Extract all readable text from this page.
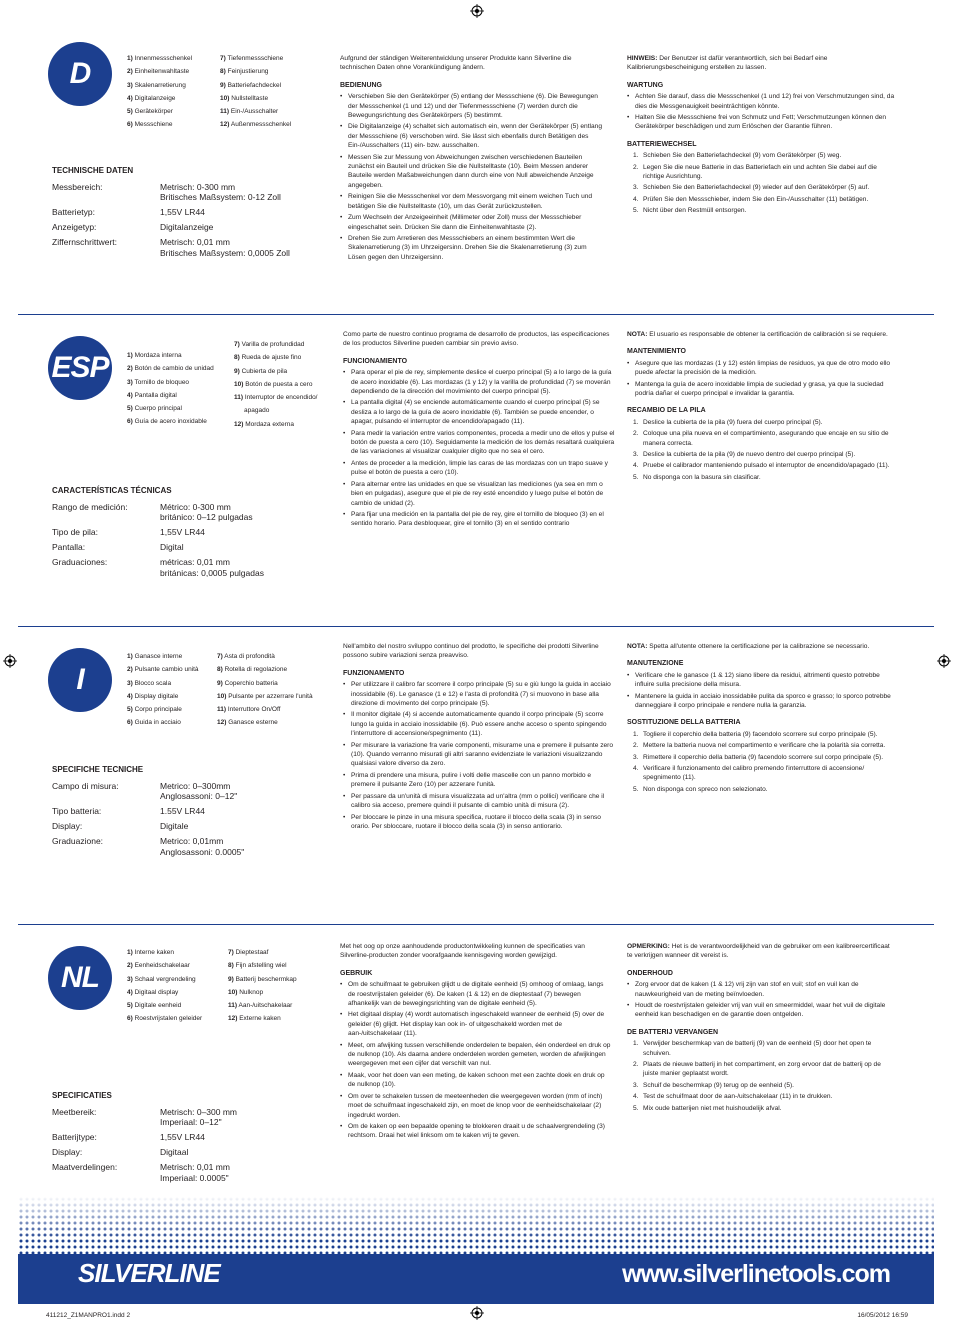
SILVERLINE	www.silverlinetools.com
411212_Z1MANPRO1.indd 2	16/05/2012 16:59
D	1) Innenmessschenkel
2) Einheitenwahltaste
3) Skalenarretierung
4) Digitalanzeige
5) Gerätekörper
6) Messschiene
7) Tiefenmessschiene
8) Feinjustierung
9) Batteriefachdeckel
10) Nullstelltaste
11) Ein-/Ausschalter
12) Außenmessschenkel
TECHNISCHE DATEN
Messbereich:	Metrisch: 0-300 mm
Britisches Maßsystem: 0-12 Zoll
Batterietyp:	1,55V LR44
Anzeigetyp:	Digitalanzeige
Ziffernschrittwert:	Metrisch: 0,01 mm
Britisches Maßsystem: 0,0005 Zoll

Aufgrund der ständigen Weiterentwicklung unserer Produkte kann Silverline die technischen Daten ohne Vorankündigung ändern.

BEDIENUNG
• Verschieben Sie den Gerätekörper (5) entlang der Messschiene (6). Die Bewegungen der Messschenkel (1 und 12) und der Tiefenmessschiene (7) werden durch die Bewegungsrichtung des Gerätekörpers (5) bestimmt.
• Die Digitalanzeige (4) schaltet sich automatisch ein, wenn der Gerätekörper (5) entlang der Messschiene (6) verschoben wird. Sie lässt sich ebenfalls durch Betätigen des Ein-/Ausschalters (11) ein- bzw. ausschalten.
• Messen Sie zur Messung von Abweichungen zwischen verschiedenen Bauteilen zunächst ein Bauteil und drücken Sie die Nullstelltaste (10). Beim Messen anderer Bauteile werden Maßabweichungen dann durch eine von Null abweichende Anzeige angegeben.
• Reinigen Sie die Messschenkel vor dem Messvorgang mit einem weichen Tuch und betätigen Sie die Nullstelltaste (10), um das Gerät zurückzustellen.
• Zum Wechseln der Anzeigeeinheit (Millimeter oder Zoll) muss der Messschieber eingeschaltet sein. Drücken Sie dann die Einheitenwahltaste (2).
• Drehen Sie zum Arretieren des Messschiebers an einem bestimmten Wert die Skalenarretierung (3) im Uhrzeigersinn. Drehen Sie die Skalenarretierung (3) zum Lösen gegen den Uhrzeigersinn.

HINWEIS: Der Benutzer ist dafür verantwortlich, sich bei Bedarf eine Kalibrierungsbescheinigung erstellen zu lassen.

WARTUNG
• Achten Sie darauf, dass die Messschenkel (1 und 12) frei von Verschmutzungen sind, da dies die Messgenauigkeit beeinträchtigen könnte.
• Halten Sie die Messschiene frei von Schmutz und Fett; Verschmutzungen können den Gerätekörper beschädigen und zum Erlöschen der Garantie führen.
BATTERIEWECHSEL
1. Schieben Sie den Batteriefachdeckel (9) vom Gerätekörper (5) weg.
2. Legen Sie die neue Batterie in das Batteriefach ein und achten Sie dabei auf die richtige Ausrichtung.
3. Schieben Sie den Batteriefachdeckel (9) wieder auf den Gerätekörper (5) auf.
4. Prüfen Sie den Messschieber, indem Sie den Ein-/Ausschalter (11) betätigen.
5. Nicht über den Restmüll entsorgen.
ESP	1) Mordaza interna
2) Botón de cambio de unidad
3) Tornillo de bloqueo
4) Pantalla digital
5) Cuerpo principal
6) Guía de acero inoxidable
7) Varilla de profundidad
8) Rueda de ajuste fino
9) Cubierta de pila
10) Botón de puesta a cero
11) Interruptor de encendido/
apagado
12) Mordaza externa
CARACTERÍSTICAS TÉCNICAS
Rango de medición:	Métrico: 0-300 mm
británico: 0–12 pulgadas
Tipo de pila:	1,55V LR44
Pantalla:	Digital
Graduaciones:	métricas: 0,01 mm
británicas: 0,0005 pulgadas

Como parte de nuestro continuo programa de desarrollo de productos, las especificaciones de los productos Silverline pueden cambiar sin previo aviso.

FUNCIONAMIENTO
• Para operar el pie de rey, simplemente deslice el cuerpo principal (5) a lo largo de la guía de acero inoxidable (6). Las mordazas (1 y 12) y la varilla de profundidad (7) se moverán dependiendo de la dirección del movimiento del cuerpo principal (5).
• La pantalla digital (4) se enciende automáticamente cuando el cuerpo principal (5) se desliza a lo largo de la guía de acero inoxidable (6). También se puede encender, o apagar, pulsando el interruptor de encendido/apagado (11).
• Para medir la variación entre varios componentes, proceda a medir uno de ellos y pulse el botón de puesta a cero (10). Seguidamente la medición de los demás resaltará cualquiera de las variaciones al visualizar cualquier dígito que no sea el cero.
• Antes de proceder a la medición, limpie las caras de las mordazas con un trapo suave y pulse el botón de puesta a cero (10).
• Para alternar entre las unidades en que se visualizan las mediciones (ya sea en mm o bien en pulgadas), asegure que el pie de rey esté encendido y luego pulse el botón de cambio de unidad (2).
• Para fijar una medición en la pantalla del pie de rey, gire el tornillo de bloqueo (3) en el sentido horario. Para desbloquear, gire el tornillo (3) en el sentido contrario

NOTA: El usuario es responsable de obtener la certificación de calibración si se requiere.

MANTENIMIENTO
• Asegure que las mordazas (1 y 12) estén limpias de residuos, ya que de otro modo ello puede afectar la precisión de la medición.
• Mantenga la guía de acero inoxidable limpia de suciedad y grasa, ya que la suciedad podría dañar el cuerpo principal e invalidar la garantía.
RECAMBIO DE LA PILA
1. Deslice la cubierta de la pila (9) fuera del cuerpo principal (5).
2. Coloque una pila nueva en el compartimiento, asegurando que encaje en su sitio de manera correcta.
3. Deslice la cubierta de la pila (9) de nuevo dentro del cuerpo principal (5).
4. Pruebe el calibrador manteniendo pulsado el interruptor de encendido/apagado (11).
5. No disponga con la basura sin clasificar.
I
1) Ganasce interne
2) Pulsante cambio unità
3) Blocco scala
4) Display digitale
5) Corpo principale
6) Guida in acciaio
7) Asta di profondità
8) Rotella di regolazione
9) Coperchio batteria
10) Pulsante per azzerrare l'unità
11) Interruttore On/Off
12) Ganasce esterne
SPECIFICHE TECNICHE
Campo di misura:	Metrico: 0–300mm
Anglosassoni: 0–12"
Tipo batteria:	1.55V LR44
Display:	Digitale
Graduazione:	Metrico: 0,01mm
Anglosassoni: 0.0005"

Nell'ambito del nostro sviluppo continuo del prodotto, le specifiche dei prodotti Silverline possono subire variazioni senza preavviso.

FUNZIONAMENTO
• Per utilizzare il calibro far scorrere il corpo principale (5) su e giù lungo la guida in acciaio inossidabile (6). Le ganasce (1 e 12) e l'asta di profondità (7) si muovono in base alla direzione di movimento del corpo principale (5).
• Il monitor digitale (4) si accende automaticamente quando il corpo principale (5) scorre lungo la guida in acciaio inossidabile (6). Può essere anche acceso o spento spingendo l'interruttore di accensione/spegnimento (11).
• Per misurare la variazione fra varie componenti, misurarne una e premere il pulsante zero (10). Quando verranno misurati gli altri saranno evidenziate le variazioni visualizzando qualsiasi valore diverso da zero.
• Prima di prendere una misura, pulire i volti delle mascelle con un panno morbido e premere il pulsante Zero (10) per azzerare l'unità.
• Per passare da un'unità di misura visualizzata ad un'altra (mm o pollici) verificare che il calibro sia acceso, premere quindi il pulsante di cambio unità di misura (2).
• Per bloccare le pinze in una misura specifica, ruotare il blocco della scala (3) in senso orario. Per sbloccare, ruotare il blocco della scala (3) in senso antiorario.

NOTA: Spetta all'utente ottenere la certificazione per la calibrazione se necessario.

MANUTENZIONE
• Verificare che le ganasce (1 & 12) siano libere da residui, altrimenti questo potrebbe influire sulla precisione della misura.
• Mantenere la guida in acciaio inossidabile pulita da sporco e grasso; lo sporco potrebbe danneggiare il corpo principale e rendere nulla la garanzia.
SOSTITUZIONE DELLA BATTERIA
1. Togliere il coperchio della batteria (9) facendolo scorrere sul corpo principale (5).
2. Mettere la batteria nuova nel compartimento e verificare che la polarità sia corretta.
3. Rimettere il coperchio della batteria (9) facendolo scorrere sul corpo principale (5).
4. Verificare il funzionamento del calibro premendo l'interruttore di accensione/ spegnimento (11).
5. Non disponga con spreco non selezionato.
NL
1) Interne kaken
2) Eenheidschakelaar
3) Schaal vergrendeling
4) Digitaal display
5) Digitale eenheid
6) Roestvrijstalen geleider
7) Dieptestaaf
8) Fijn afstelling wiel
9) Batterij beschermkap
10) Nulknop
11) Aan-/uitschakelaar
12) Externe kaken
SPECIFICATIES
Meetbereik:	Metrisch: 0–300 mm
Imperiaal: 0–12"
Batterijtype:	1,55V LR44
Display:	Digitaal
Maatverdelingen:	Metrisch: 0,01 mm
Imperiaal: 0.0005"

Met het oog op onze aanhoudende productontwikkeling kunnen de specificaties van Silverline-producten zonder voorafgaande kennisgeving worden gewijzigd.

GEBRUIK
• Om de schuifmaat te gebruiken glijdt u de digitale eenheid (5) omhoog of omlaag, langs de roestvrijstalen geleider (6). De kaken (1 & 12) en de dieptestaaf (7) bewegen afhankelijk van de bewegingsrichting van de digitale eenheid (5).
• Het digitaal display (4) wordt automatisch ingeschakeld wanneer de eenheid (5) over de geleider (6) glijdt. Het display kan ook in- of uitgeschakeld worden met de aan-/uitschakelaar (11).
• Meet, om afwijking tussen verschillende onderdelen te bepalen, één onderdeel en druk op de nulknop (10). Als daarna andere onderdelen worden gemeten, worden de afwijkingen weergegeven met een cijfer dat verschilt van nul.
• Maak, voor het doen van een meting, de kaken schoon met een zachte doek en druk op de nulknop (10).
• Om over te schakelen tussen de meeteenheden die weergegeven worden (mm of inch) moet de schuifmaat ingeschakeld zijn, en moet de knop voor de eenheidschakelaar (2) ingedrukt worden.
• Om de kaken op een bepaalde opening te blokkeren draait u de schaalvergrendeling (3) rechtsom. Draai het wiel linksom om te kaken vrij te geven.

OPMERKING: Het is de verantwoordelijkheid van de gebruiker om een kalibreercertificaat te verkrijgen wanneer dit vereist is.

ONDERHOUD
• Zorg ervoor dat de kaken (1 & 12) vrij zijn van stof en vuil; stof en vuil kan de nauwkeurigheid van de meting beïnvloeden.
• Houdt de roestvrijstalen geleider vrij van vuil en smeermiddel, waar het vuil de digitale eenheid kan beschadigen en de garantie doen ontgelden.
DE BATTERIJ VERVANGEN
1. Verwijder beschermkap van de batterij (9) van de eenheid (5) door het open te schuiven.
2. Plaats de nieuwe batterij in het compartiment, en zorg ervoor dat de batterij op de juiste manier geplaatst wordt.
3. Schuif de beschermkap (9) terug op de eenheid (5).
4. Test de schuifmaat door de aan-/uitschakelaar (11) in te drukken.
5. Mix oude batterijen niet met huishoudelijk afval.
